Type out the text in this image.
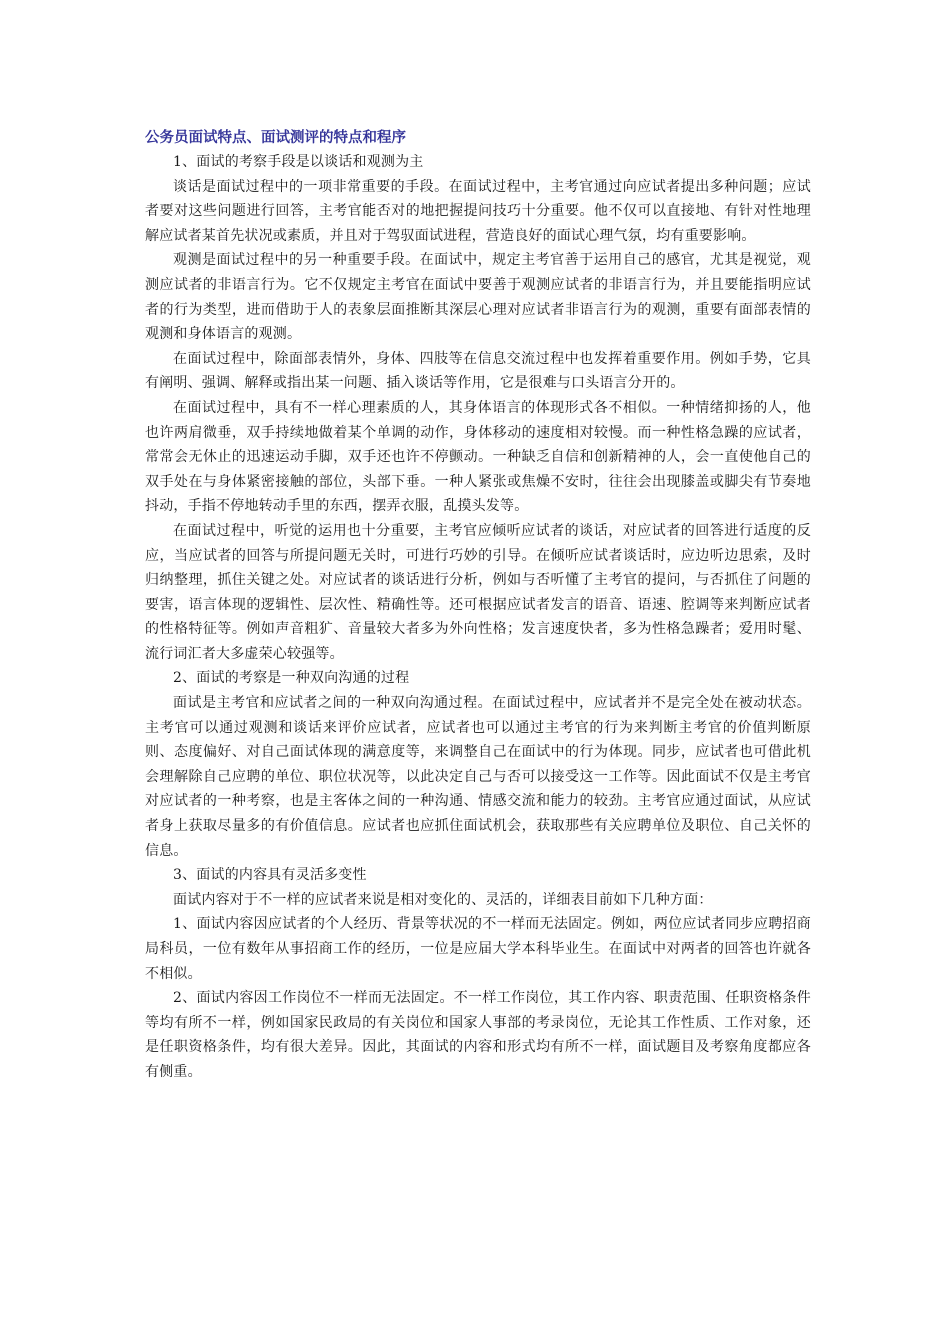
公务员面试特点、面试测评的特点和程序

1、面试的考察手段是以谈话和观测为主

谈话是面试过程中的一项非常重要的手段。在面试过程中，主考官通过向应试者提出多种问题；应试者要对这些问题进行回答，主考官能否对的地把握提问技巧十分重要。他不仅可以直接地、有针对性地理解应试者某首先状况或素质，并且对于驾驭面试进程，营造良好的面试心理气氛，均有重要影响。

观测是面试过程中的另一种重要手段。在面试中，规定主考官善于运用自己的感官，尤其是视觉，观测应试者的非语言行为。它不仅规定主考官在面试中要善于观测应试者的非语言行为，并且要能指明应试者的行为类型，进而借助于人的表象层面推断其深层心理对应试者非语言行为的观测，重要有面部表情的观测和身体语言的观测。

在面试过程中，除面部表情外，身体、四肢等在信息交流过程中也发挥着重要作用。例如手势，它具有阐明、强调、解释或指出某一问题、插入谈话等作用，它是很难与口头语言分开的。

在面试过程中，具有不一样心理素质的人，其身体语言的体现形式各不相似。一种情绪抑扬的人，他也许两肩微垂，双手持续地做着某个单调的动作，身体移动的速度相对较慢。而一种性格急躁的应试者，常常会无休止的迅速运动手脚，双手还也许不停颤动。一种缺乏自信和创新精神的人，会一直使他自己的双手处在与身体紧密接触的部位，头部下垂。一种人紧张或焦燥不安时，往往会出现膝盖或脚尖有节奏地抖动，手指不停地转动手里的东西，摆弄衣服，乱摸头发等。

在面试过程中，听觉的运用也十分重要，主考官应倾听应试者的谈话，对应试者的回答进行适度的反应，当应试者的回答与所提问题无关时，可进行巧妙的引导。在倾听应试者谈话时，应边听边思索，及时归纳整理，抓住关键之处。对应试者的谈话进行分析，例如与否听懂了主考官的提问，与否抓住了问题的要害，语言体现的逻辑性、层次性、精确性等。还可根据应试者发言的语音、语速、腔调等来判断应试者的性格特征等。例如声音粗犷、音量较大者多为外向性格；发言速度快者，多为性格急躁者；爱用时髦、流行词汇者大多虚荣心较强等。

2、面试的考察是一种双向沟通的过程

面试是主考官和应试者之间的一种双向沟通过程。在面试过程中，应试者并不是完全处在被动状态。主考官可以通过观测和谈话来评价应试者，应试者也可以通过主考官的行为来判断主考官的价值判断原则、态度偏好、对自己面试体现的满意度等，来调整自己在面试中的行为体现。同步，应试者也可借此机会理解除自己应聘的单位、职位状况等，以此决定自己与否可以接受这一工作等。因此面试不仅是主考官对应试者的一种考察，也是主客体之间的一种沟通、情感交流和能力的较劲。主考官应通过面试，从应试者身上获取尽量多的有价值信息。应试者也应抓住面试机会，获取那些有关应聘单位及职位、自己关怀的信息。

3、面试的内容具有灵活多变性

面试内容对于不一样的应试者来说是相对变化的、灵活的，详细表目前如下几种方面：

1、面试内容因应试者的个人经历、背景等状况的不一样而无法固定。例如，两位应试者同步应聘招商局科员，一位有数年从事招商工作的经历，一位是应届大学本科毕业生。在面试中对两者的回答也许就各不相似。

2、面试内容因工作岗位不一样而无法固定。不一样工作岗位，其工作内容、职责范围、任职资格条件等均有所不一样，例如国家民政局的有关岗位和国家人事部的考录岗位，无论其工作性质、工作对象，还是任职资格条件，均有很大差异。因此，其面试的内容和形式均有所不一样，面试题目及考察角度都应各有侧重。
